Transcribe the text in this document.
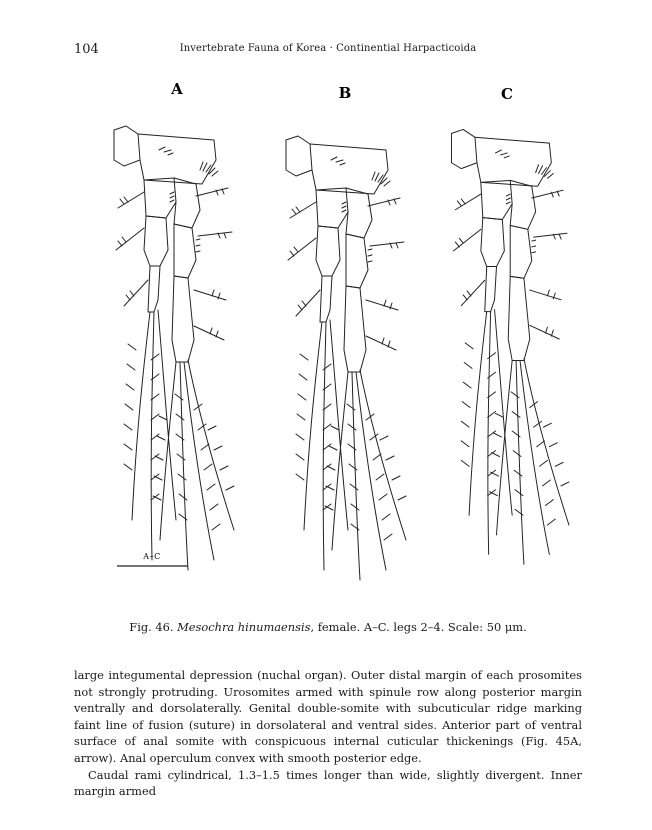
104	Invertebrate Fauna of Korea · Continential Harpacticoida
A	B	C
A–C
Fig. 46. Mesochra hinumaensis, female. A–C. legs 2–4. Scale: 50 μm.

large integumental depression (nuchal organ). Outer distal margin of each prosomites not strongly protruding. Urosomites armed with spinule row along posterior margin ventrally and dorsolaterally. Genital double-somite with subcuticular ridge marking faint line of fusion (suture) in dorsolateral and ventral sides. Anterior part of ventral surface of anal somite with conspicuous internal cuticular thickenings (Fig. 45A, arrow). Anal operculum convex with smooth posterior edge.

Caudal rami cylindrical, 1.3–1.5 times longer than wide, slightly divergent. Inner margin armed
